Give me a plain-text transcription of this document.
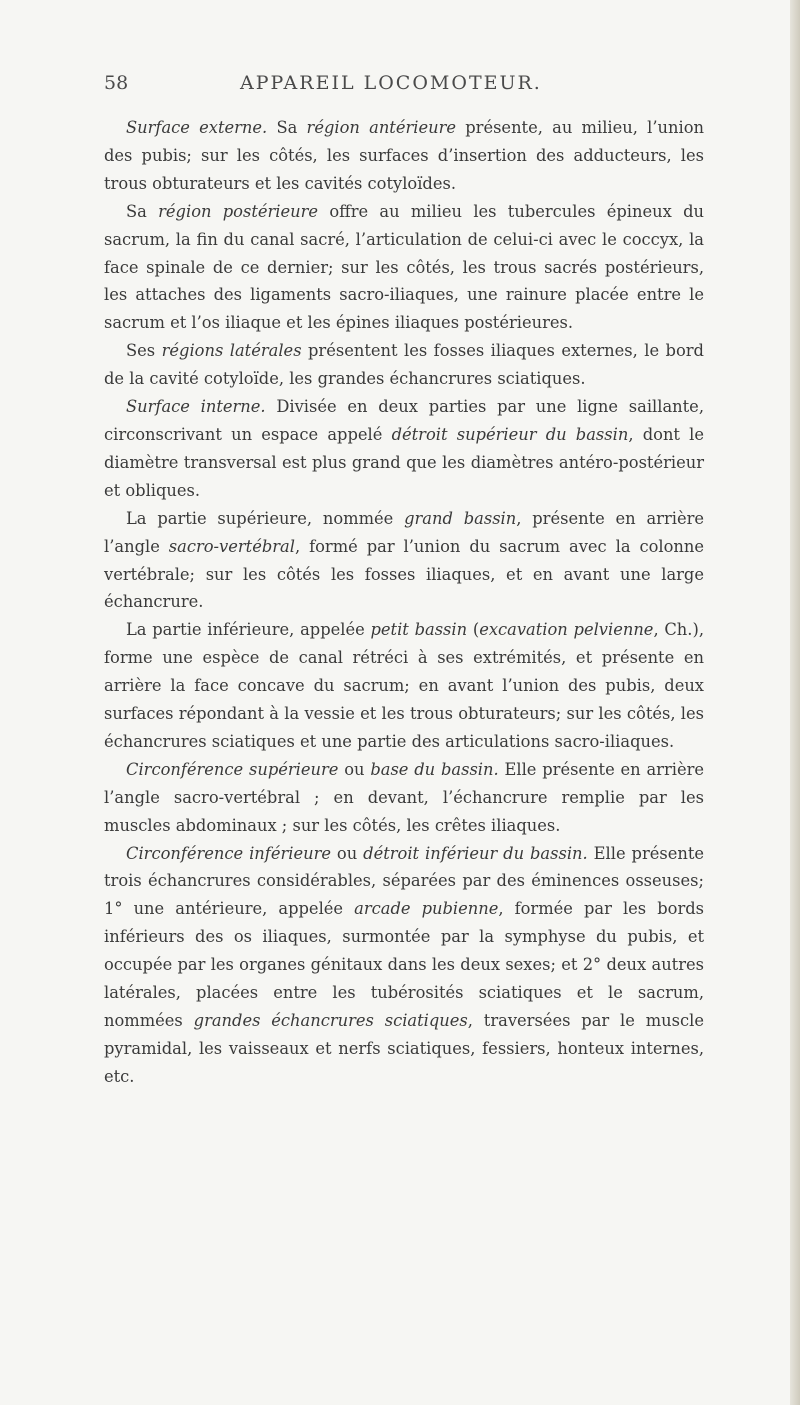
58	APPAREIL LOCOMOTEUR.

Surface externe. Sa région antérieure présente, au milieu, l’union des pubis; sur les côtés, les surfaces d’insertion des adducteurs, les trous obturateurs et les cavités cotyloïdes.

Sa région postérieure offre au milieu les tubercules épineux du sacrum, la fin du canal sacré, l’articulation de celui-ci avec le coccyx, la face spinale de ce dernier; sur les côtés, les trous sacrés postérieurs, les attaches des ligaments sacro-iliaques, une rainure placée entre le sacrum et l’os iliaque et les épines iliaques postérieures.

Ses régions latérales présentent les fosses iliaques externes, le bord de la cavité cotyloïde, les grandes échancrures sciatiques.

Surface interne. Divisée en deux parties par une ligne saillante, circonscrivant un espace appelé détroit supérieur du bassin, dont le diamètre transversal est plus grand que les diamètres antéro-postérieur et obliques.

La partie supérieure, nommée grand bassin, présente en arrière l’angle sacro-vertébral, formé par l’union du sacrum avec la colonne vertébrale; sur les côtés les fosses iliaques, et en avant une large échancrure.

La partie inférieure, appelée petit bassin (excavation pelvienne, Ch.), forme une espèce de canal rétréci à ses extrémités, et présente en arrière la face concave du sacrum; en avant l’union des pubis, deux surfaces répondant à la vessie et les trous obturateurs; sur les côtés, les échancrures sciatiques et une partie des articulations sacro-iliaques.

Circonférence supérieure ou base du bassin. Elle présente en arrière l’angle sacro-vertébral ; en devant, l’échancrure remplie par les muscles abdominaux ; sur les côtés, les crêtes iliaques.

Circonférence inférieure ou détroit inférieur du bassin. Elle présente trois échancrures considérables, séparées par des éminences osseuses; 1° une antérieure, appelée arcade pubienne, formée par les bords inférieurs des os iliaques, surmontée par la symphyse du pubis, et occupée par les organes génitaux dans les deux sexes; et 2° deux autres latérales, placées entre les tubérosités sciatiques et le sacrum, nommées grandes échancrures sciatiques, traversées par le muscle pyramidal, les vaisseaux et nerfs sciatiques, fessiers, honteux internes, etc.
